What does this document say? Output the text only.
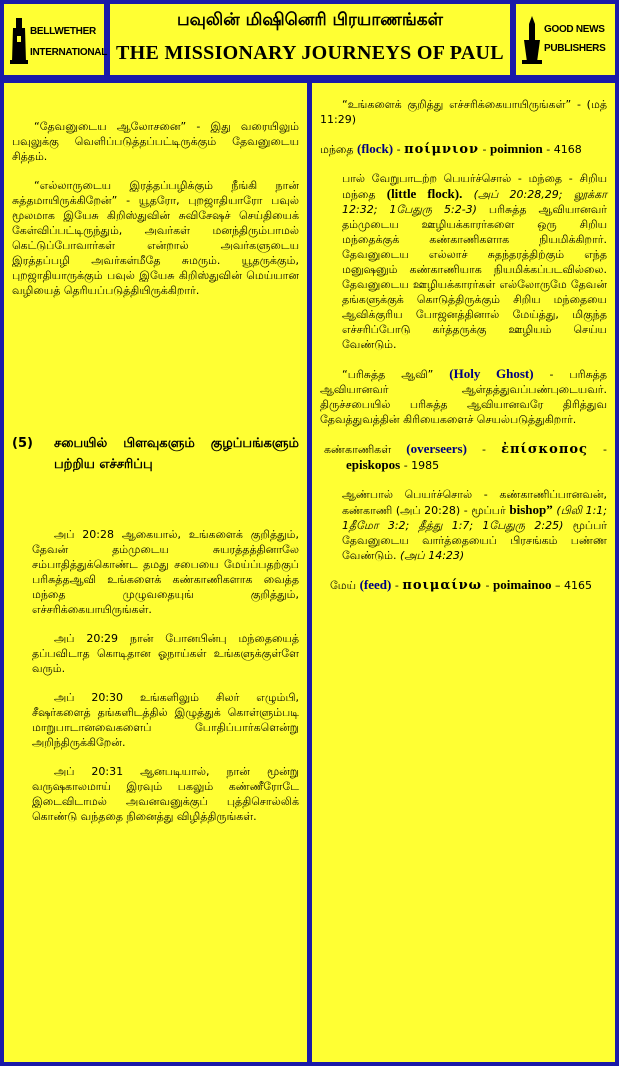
BELLWETHER
INTERNATIONAL
பவுலின் மிஷினெரி பிரயாணங்கள்
THE MISSIONARY JOURNEYS OF PAUL
GOOD NEWS
PUBLISHERS

“தேவனுடைய ஆலோசனை” - இது வரையிலும் பவுலுக்கு வெளிப்படுத்தப்பட்டிருக்கும் தேவனுடைய சித்தம்.

“எல்லாருடைய இரத்தப்பழிக்கும் நீங்கி நான் சுத்தமாயிருக்கிறேன்” - யூதரோ, புறஜாதியாரோ பவுல் மூலமாக இயேசு கிறிஸ்துவின் சுவிசேஷச் செய்தியைக் கேள்விப்பட்டிருந்தும், அவர்கள் மனந்திரும்பாமல் கெட்டுப்போவார்கள் என்றால் அவர்களுடைய இரத்தப்பழி அவர்கள்மீதே சுமரும். யூதருக்கும், புறஜாதியாருக்கும் பவுல் இயேசு கிறிஸ்துவின் மெய்யான வழியைத் தெரியப்படுத்தியிருக்கிறார்.

(5) சபையில் பிளவுகளும் குழப்பங்களும் பற்றிய எச்சரிப்பு

அப் 20:28 ஆகையால், உங்களைக் குறித்தும், தேவன் தம்முடைய சுயரத்தத்தினாலே சம்பாதித்துக்கொண்ட தமது சபையை மேய்ப்பதற்குப் பரிசுத்தஆவி உங்களைக் கண்காணிகளாக வைத்த மந்தை முழுவதையுங் குறித்தும், எச்சரிக்கையாயிருங்கள்.

அப் 20:29 நான் போனபின்பு மந்தையைத் தப்பவிடாத கொடிதான ஓநாய்கள் உங்களுக்குள்ளே வரும்.

அப் 20:30 உங்களிலும் சிலர் எழும்பி, சீஷர்களைத் தங்களிடத்தில் இழுத்துக் கொள்ளும்படி மாறுபாடானவைகளைப் போதிப்பார்களென்று அறிந்திருக்கிறேன்.

அப் 20:31 ஆனபடியால், நான் மூன்று வருஷகாலமாய் இரவும் பகலும் கண்ணீரோடே இடைவிடாமல் அவனவனுக்குப் புத்திசொல்லிக் கொண்டு வந்ததை நினைத்து விழித்திருங்கள்.

“உங்களைக் குறித்து எச்சரிக்கையாயிருங்கள்” - (மத் 11:29)

மந்தை (flock) - ποίμνιον - poimnion - 4168

பால் வேறுபாடற்ற பெயர்ச்சொல் - மந்தை - சிறிய மந்தை (little flock). (அப் 20:28,29; லூக்கா 12:32; 1பேதுரு 5:2-3) பரிசுத்த ஆவியானவர் தம்முடைய ஊழியக்காரர்களை ஒரு சிறிய மந்தைக்குக் கண்காணிகளாக நியமிக்கிறார். தேவனுடைய எல்லாச் சுதந்தரத்திற்கும் எந்த மனுஷனும் கண்காணியாக நியமிக்கப்படவில்லை. தேவனுடைய ஊழியக்காரர்கள் எல்லோருமே தேவன் தங்களுக்குக் கொடுத்திருக்கும் சிறிய மந்தையை ஆவிக்குரிய போஜனத்தினால் மேய்த்து, மிகுந்த எச்சரிப்போடு கர்த்தருக்கு ஊழியம் செய்ய வேண்டும்.

“பரிசுத்த ஆவி” (Holy Ghost) - பரிசுத்த ஆவியானவர் ஆள்தத்துவப்பண்புடையவர். திருச்சபையில் பரிசுத்த ஆவியானவரே திரித்துவ தேவத்துவத்தின் கிரியைகளைச் செயல்படுத்துகிறார்.

கண்காணிகள் (overseers) - ἐπίσκοπος - episkopos - 1985

ஆண்பால் பெயர்ச்சொல் - கண்காணிப்பானவன், கண்காணி (அப் 20:28) - மூப்பர் bishop” (பிலி 1:1; 1தீமோ 3:2; தீத்து 1:7; 1பேதுரு 2:25) மூப்பர் தேவனுடைய வார்த்தையைப் பிரசங்கம் பண்ண வேண்டும். (அப் 14:23)

மேய் (feed) - ποιμαίνω - poimainoo – 4165
